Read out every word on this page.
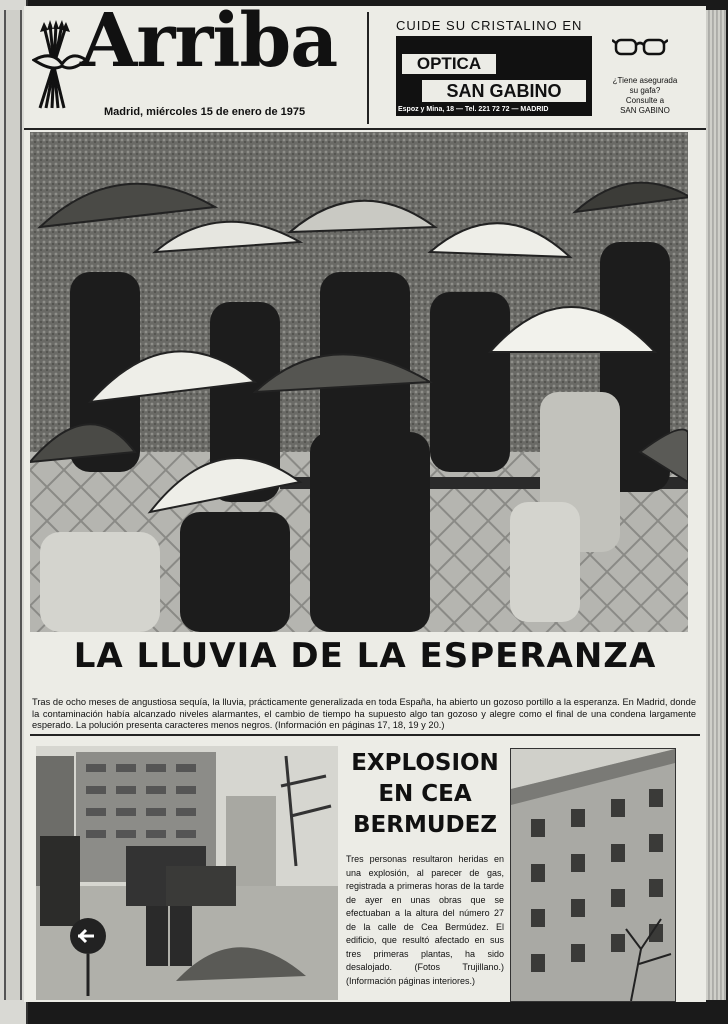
Arriba
Madrid, miércoles 15 de enero de 1975
CUIDE SU CRISTALINO EN
OPTICA
SAN GABINO
Espoz y Mina, 18 — Tel. 221 72 72 — MADRID
¿Tiene asegurada
su gafa?
Consulte a
SAN GABINO
LA LLUVIA DE LA ESPERANZA

Tras de ocho meses de angustiosa sequía, la lluvia, prácticamente generalizada en toda España, ha abierto un gozoso portillo a la esperanza. En Madrid, donde la contaminación había alcanzado niveles alarmantes, el cambio de tiempo ha supuesto algo tan gozoso y alegre como el final de una condena largamente esperado. La polución presenta caracteres menos negros. (Información en páginas 17, 18, 19 y 20.)

EXPLOSION
EN CEA
BERMUDEZ
Tres personas resultaron heridas en una explosión, al parecer de gas, registrada a primeras horas de la tarde de ayer en unas obras que se efectuaban a la altura del número 27 de la calle de Cea Bermúdez. El edificio, que resultó afectado en sus tres primeras plantas, ha sido desalojado. (Fotos Trujillano.) (Información páginas interiores.)
